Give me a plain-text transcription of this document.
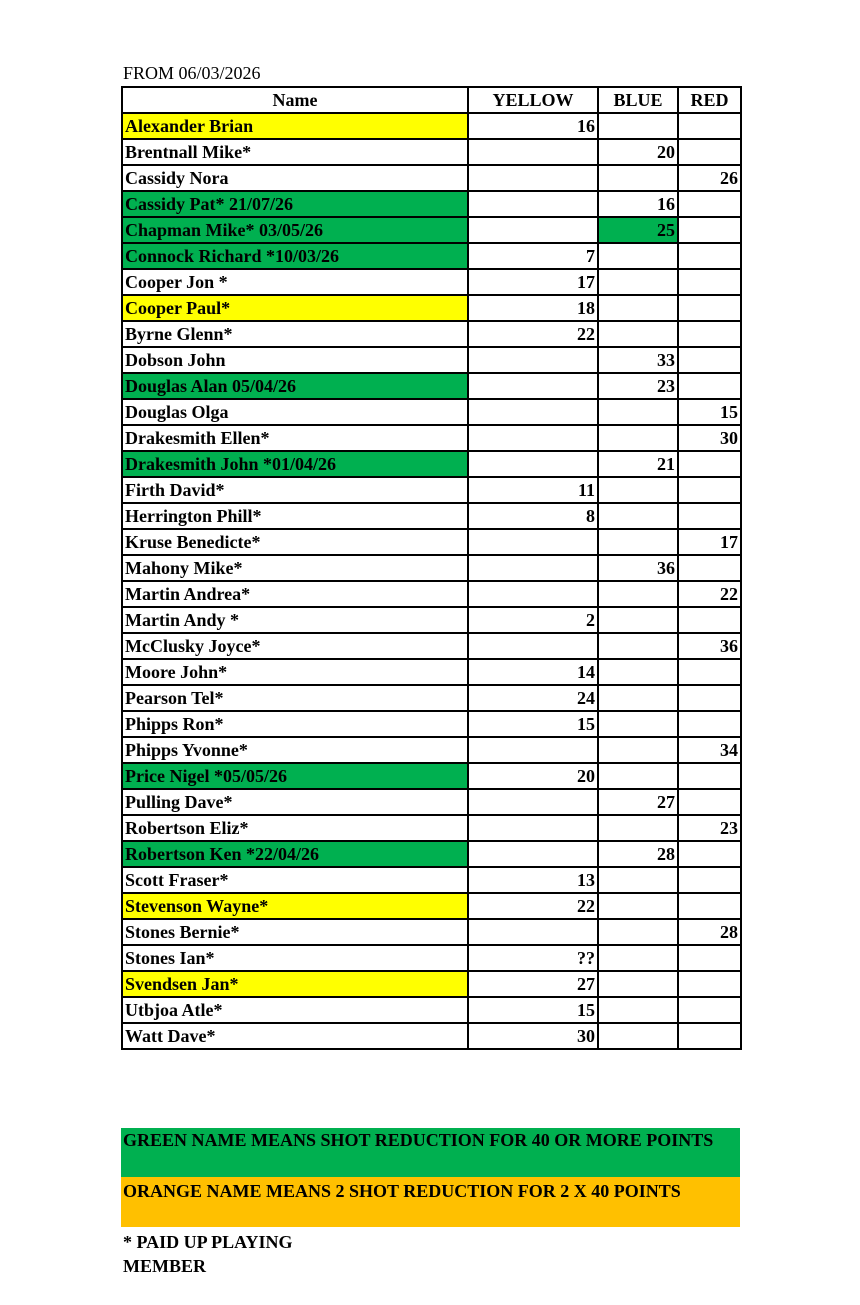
FROM 06/03/2026
Name	YELLOW	BLUE	RED
Alexander Brian	16		
Brentnall Mike*		20	
Cassidy Nora			26
Cassidy Pat* 21/07/26		16	
Chapman Mike* 03/05/26		25	
Connock Richard *10/03/26	7		
Cooper Jon *	17		
Cooper Paul*	18		
Byrne Glenn*	22		
Dobson John		33	
Douglas Alan 05/04/26		23	
Douglas Olga			15
Drakesmith Ellen*			30
Drakesmith John *01/04/26		21	
Firth David*	11		
Herrington Phill*	8		
Kruse Benedicte*			17
Mahony Mike*		36	
Martin Andrea*			22
Martin Andy *	2		
McClusky Joyce*			36
Moore John*	14		
Pearson Tel*	24		
Phipps Ron*	15		
Phipps Yvonne*			34
Price Nigel *05/05/26	20		
Pulling Dave*		27	
Robertson Eliz*			23
Robertson Ken *22/04/26		28	
Scott Fraser*	13		
Stevenson Wayne*	22		
Stones Bernie*			28
Stones Ian*	??		
Svendsen Jan*	27		
Utbjoa Atle*	15		
Watt Dave*	30		
GREEN NAME MEANS SHOT REDUCTION FOR 40 OR MORE POINTS
ORANGE NAME MEANS 2 SHOT REDUCTION FOR 2 X 40 POINTS
* PAID UP PLAYING MEMBER
